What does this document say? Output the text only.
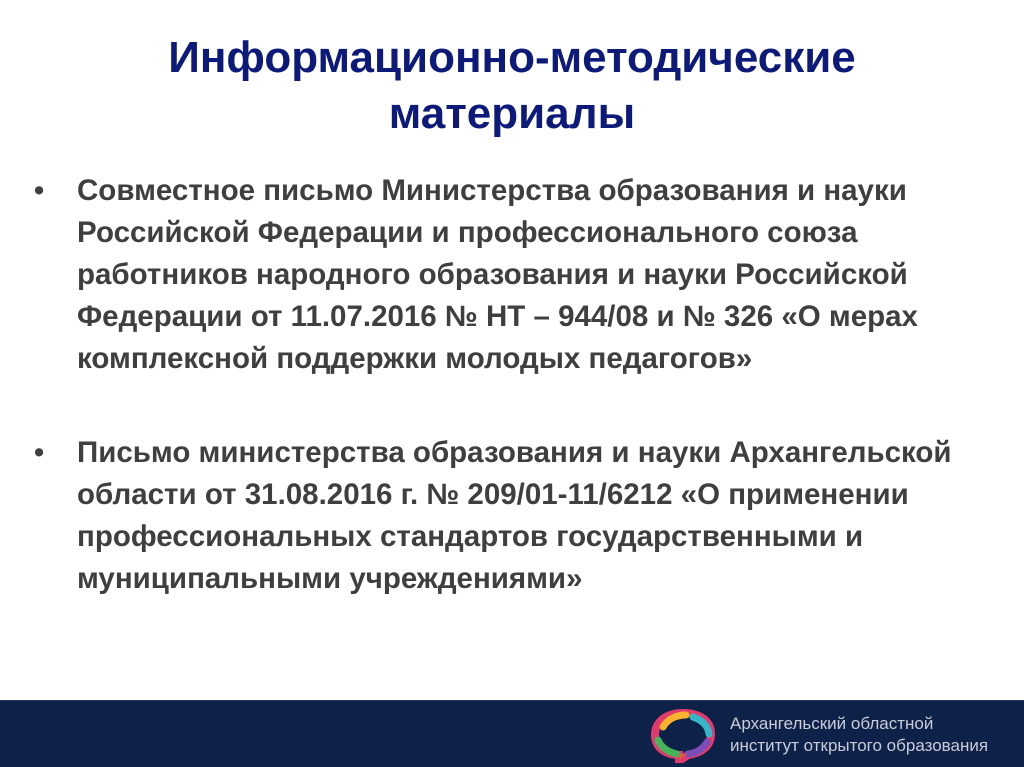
Информационно-методические материалы
• Совместное письмо Министерства образования и науки Российской Федерации и профессионального союза работников народного образования и науки Российской Федерации от 11.07.2016 № НТ – 944/08 и № 326 «О мерах комплексной поддержки молодых педагогов»
• Письмо министерства образования и науки Архангельской области от 31.08.2016 г. № 209/01-11/6212 «О применении профессиональных стандартов государственными и муниципальными учреждениями»
Архангельский областной
институт открытого образования
